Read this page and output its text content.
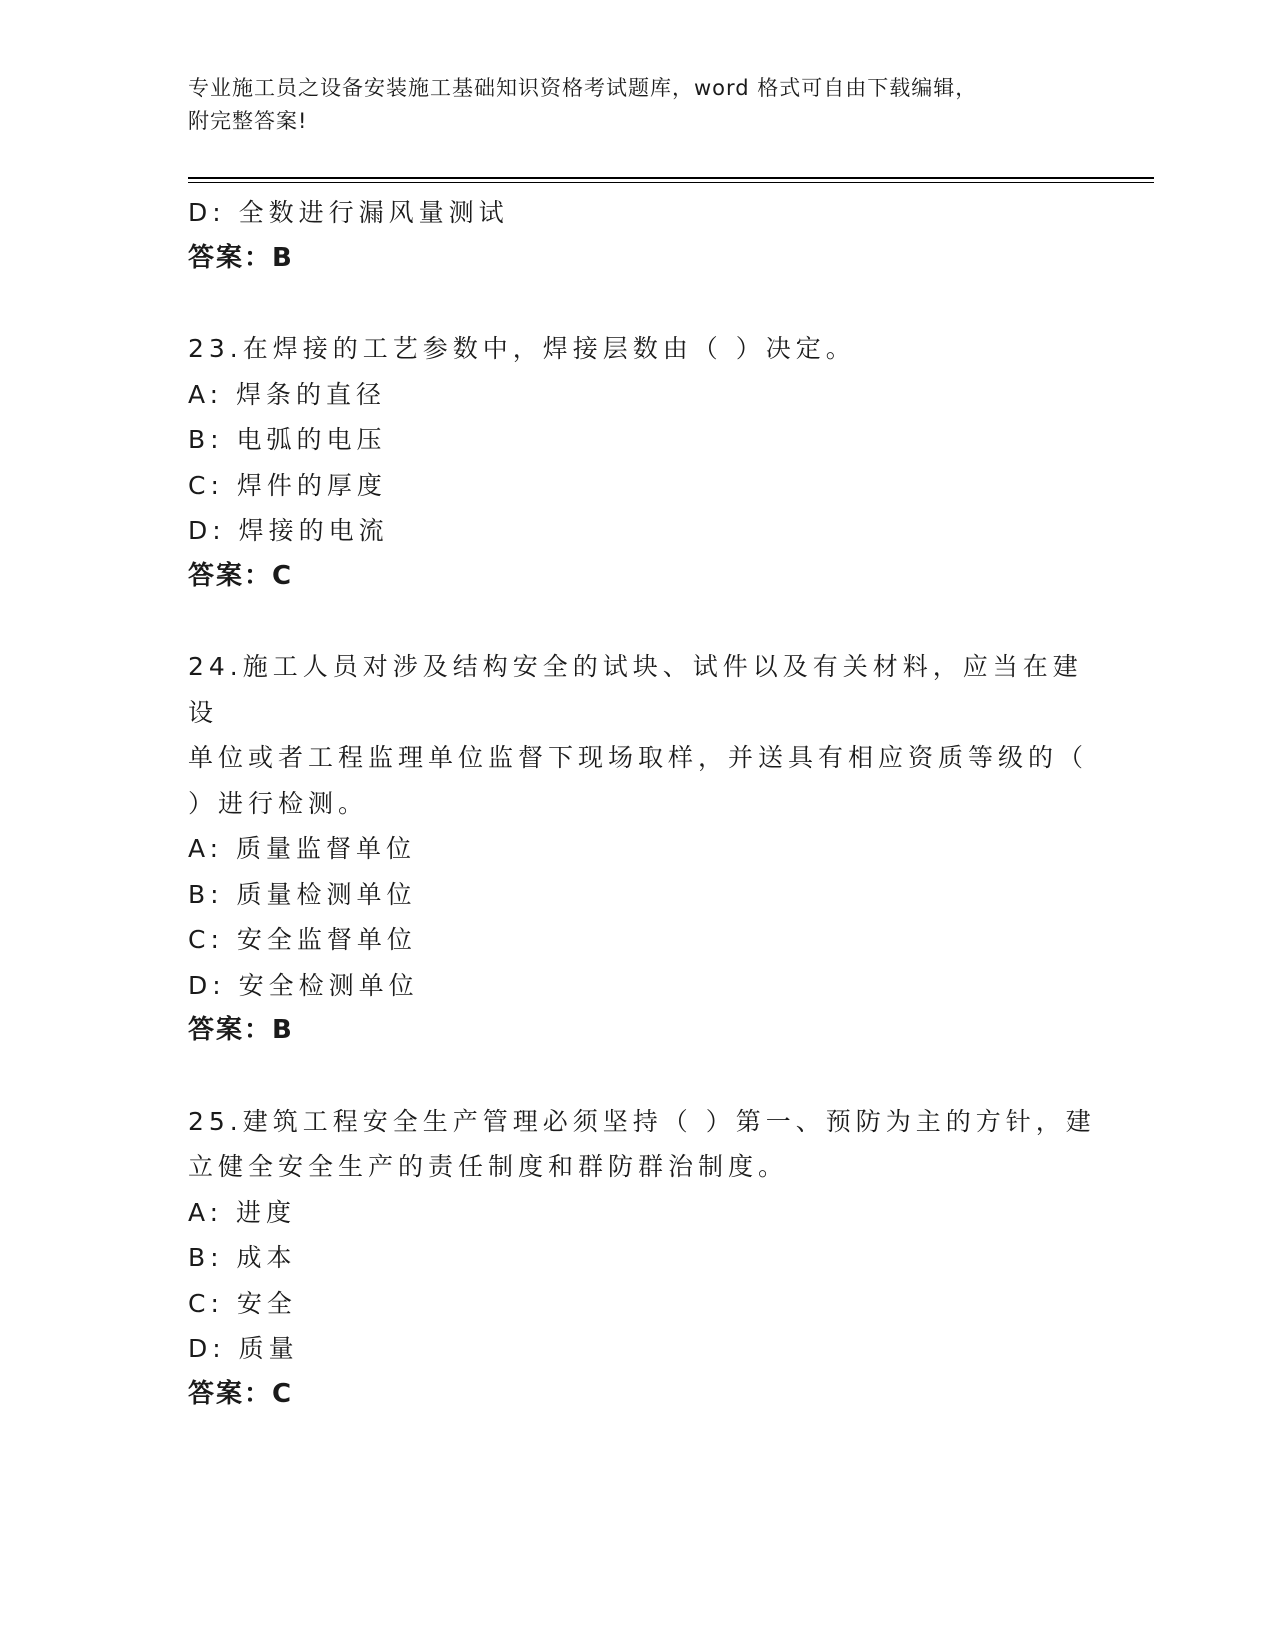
专业施工员之设备安装施工基础知识资格考试题库，word 格式可自由下载编辑，
附完整答案!
D: 全数进行漏风量测试
答案：B
23.在焊接的工艺参数中，焊接层数由（ ）决定。
A: 焊条的直径
B: 电弧的电压
C: 焊件的厚度
D: 焊接的电流
答案：C
24.施工人员对涉及结构安全的试块、试件以及有关材料，应当在建设
单位或者工程监理单位监督下现场取样，并送具有相应资质等级的（
）进行检测。
A: 质量监督单位
B: 质量检测单位
C: 安全监督单位
D: 安全检测单位
答案：B
25.建筑工程安全生产管理必须坚持（ ）第一、预防为主的方针，建
立健全安全生产的责任制度和群防群治制度。
A: 进度
B: 成本
C: 安全
D: 质量
答案：C
